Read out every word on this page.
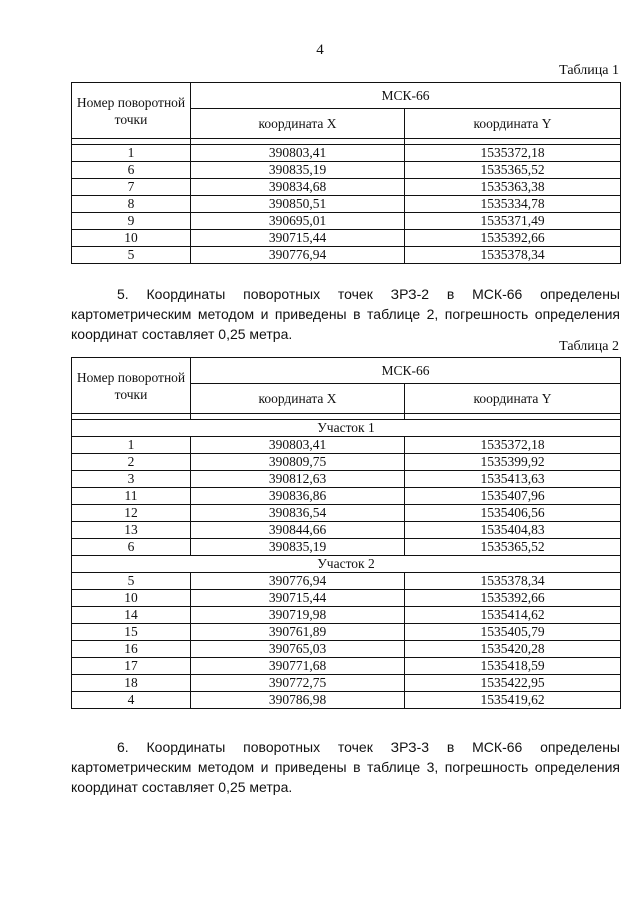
4
Таблица 1
Номер поворотной точки	МСК-66	
	координата X	координата Y

1	390803,41	1535372,18
6	390835,19	1535365,52
7	390834,68	1535363,38
8	390850,51	1535334,78
9	390695,01	1535371,49
10	390715,44	1535392,66
5	390776,94	1535378,34
5. Координаты поворотных точек ЗРЗ-2 в МСК-66 определены картометрическим методом и приведены в таблице 2, погрешность определения координат составляет 0,25 метра.
Таблица 2
Номер поворотной точки	МСК-66	
	координата X	координата Y

Участок 1		
1	390803,41	1535372,18
2	390809,75	1535399,92
3	390812,63	1535413,63
11	390836,86	1535407,96
12	390836,54	1535406,56
13	390844,66	1535404,83
6	390835,19	1535365,52
Участок 2		
5	390776,94	1535378,34
10	390715,44	1535392,66
14	390719,98	1535414,62
15	390761,89	1535405,79
16	390765,03	1535420,28
17	390771,68	1535418,59
18	390772,75	1535422,95
4	390786,98	1535419,62
6. Координаты поворотных точек ЗРЗ-3 в МСК-66 определены картометрическим методом и приведены в таблице 3, погрешность определения координат составляет 0,25 метра.
